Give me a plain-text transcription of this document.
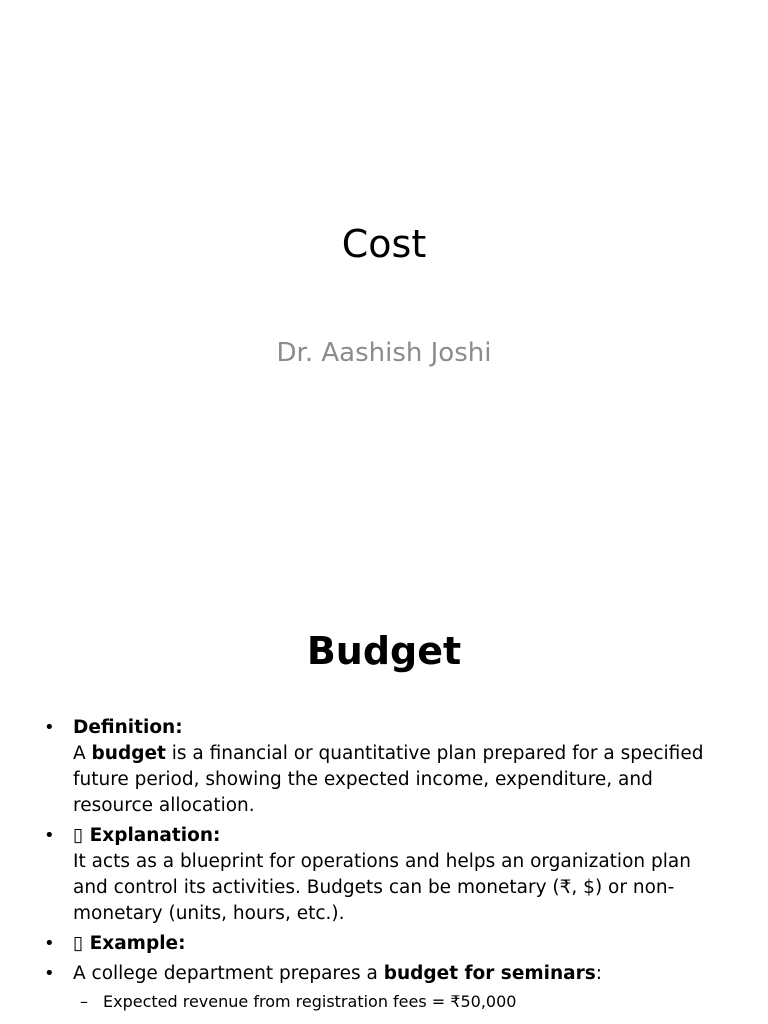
Cost

Dr. Aashish Joshi

Budget
• Definition:
A budget is a financial or quantitative plan prepared for a specified future period, showing the expected income, expenditure, and resource allocation.
• ▯ Explanation:
It acts as a blueprint for operations and helps an organization plan and control its activities. Budgets can be monetary (₹, $) or non-monetary (units, hours, etc.).
• ▯ Example:
• A college department prepares a budget for seminars:
– Expected revenue from registration fees = ₹50,000
